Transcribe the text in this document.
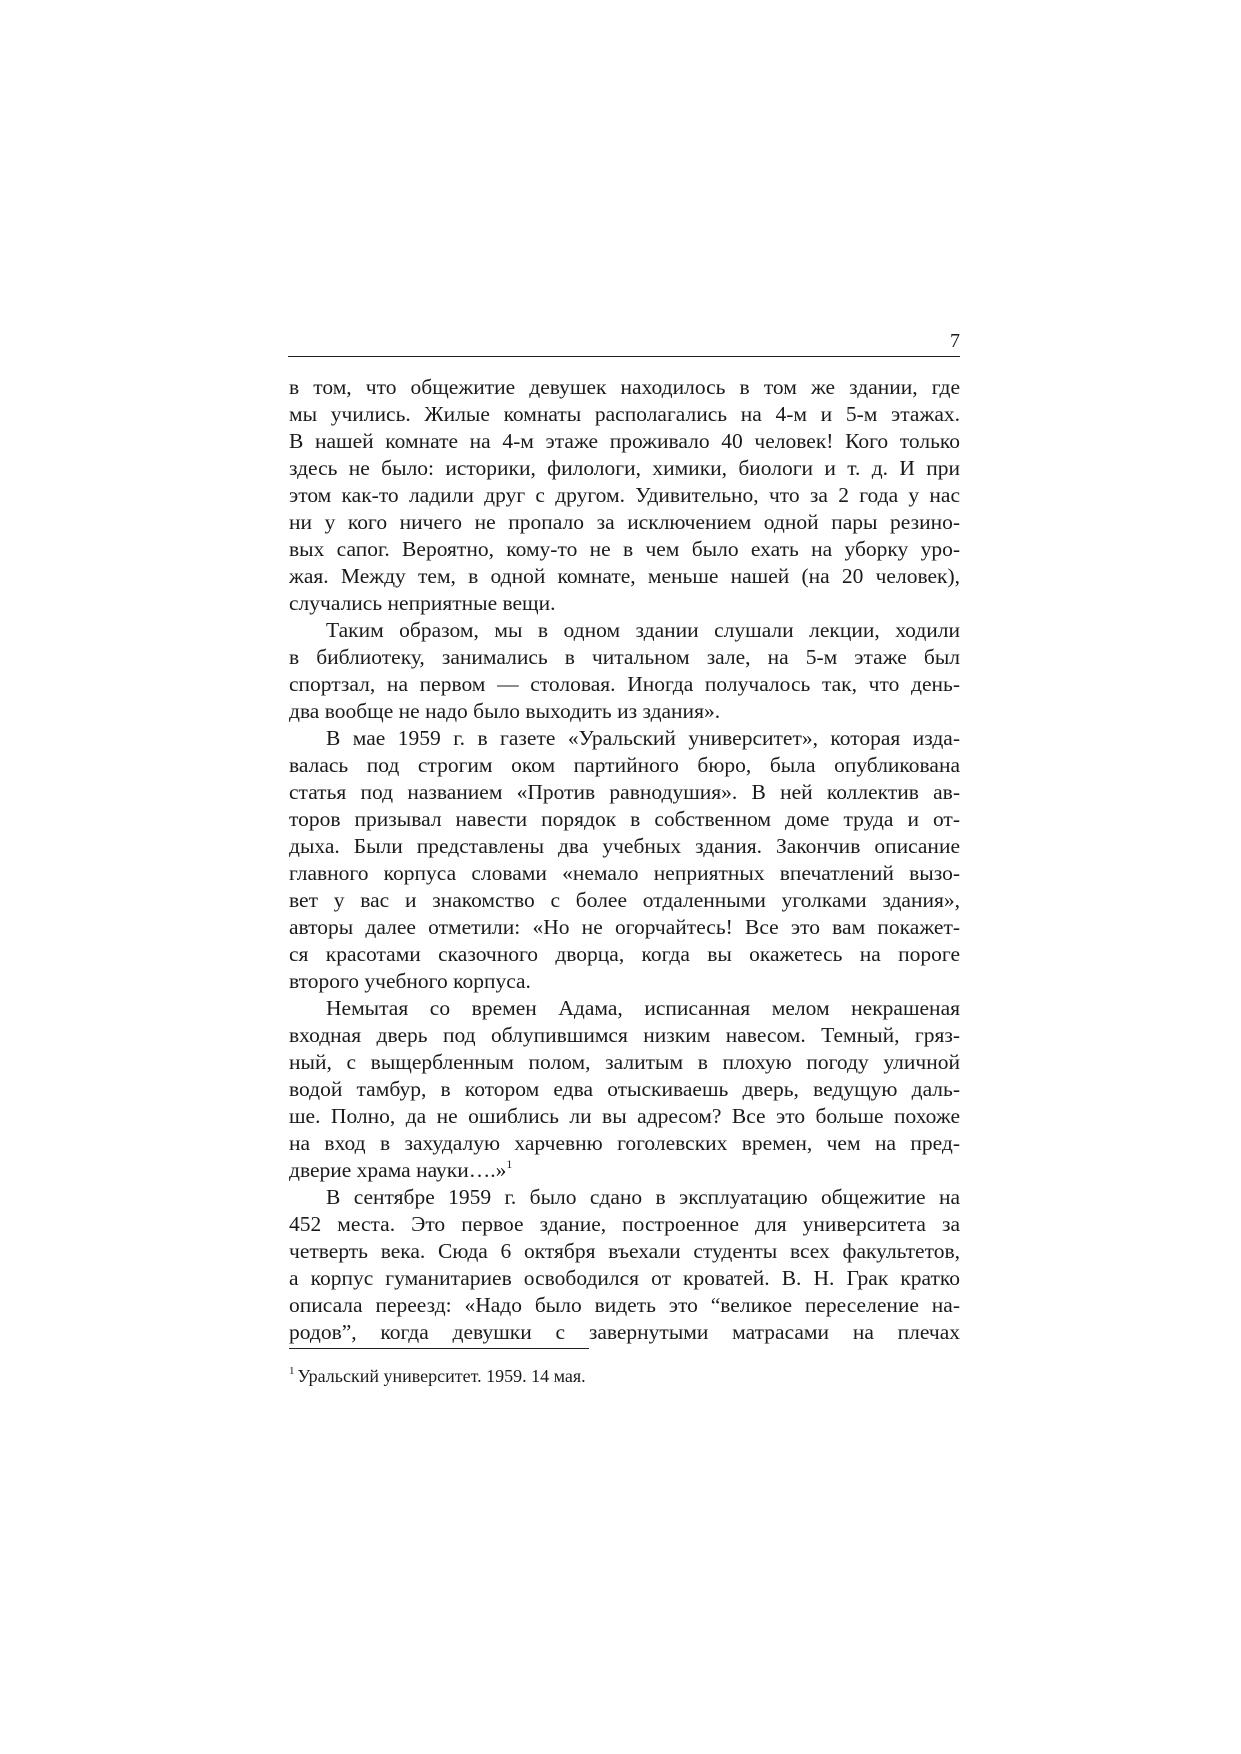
7
в том, что общежитие девушек находилось в том же здании, где
мы учились. Жилые комнаты располагались на 4-м и 5-м этажах.
В нашей комнате на 4-м этаже проживало 40 человек! Кого только
здесь не было: историки, филологи, химики, биологи и т. д. И при
этом как-то ладили друг с другом. Удивительно, что за 2 года у нас
ни у кого ничего не пропало за исключением одной пары резино-
вых сапог. Вероятно, кому-то не в чем было ехать на уборку уро-
жая. Между тем, в одной комнате, меньше нашей (на 20 человек),
случались неприятные вещи.
Таким образом, мы в одном здании слушали лекции, ходили
в библиотеку, занимались в читальном зале, на 5-м этаже был
спортзал, на первом — столовая. Иногда получалось так, что день-
два вообще не надо было выходить из здания».
В мае 1959 г. в газете «Уральский университет», которая изда-
валась под строгим оком партийного бюро, была опубликована
статья под названием «Против равнодушия». В ней коллектив ав-
торов призывал навести порядок в собственном доме труда и от-
дыха. Были представлены два учебных здания. Закончив описание
главного корпуса словами «немало неприятных впечатлений вызо-
вет у вас и знакомство с более отдаленными уголками здания»,
авторы далее отметили: «Но не огорчайтесь! Все это вам покажет-
ся красотами сказочного дворца, когда вы окажетесь на пороге
второго учебного корпуса.
Немытая со времен Адама, исписанная мелом некрашеная
входная дверь под облупившимся низким навесом. Темный, гряз-
ный, с выщербленным полом, залитым в плохую погоду уличной
водой тамбур, в котором едва отыскиваешь дверь, ведущую даль-
ше. Полно, да не ошиблись ли вы адресом? Все это больше похоже
на вход в захудалую харчевню гоголевских времен, чем на пред-
дверие храма науки….»$^1$
В сентябре 1959 г. было сдано в эксплуатацию общежитие на
452 места. Это первое здание, построенное для университета за
четверть века. Сюда 6 октября въехали студенты всех факультетов,
а корпус гуманитариев освободился от кроватей. В. Н. Грак кратко
описала переезд: «Надо было видеть это “великое переселение на-
родов”, когда девушки с завернутыми матрасами на плечах
$^1$ Уральский университет. 1959. 14 мая.
